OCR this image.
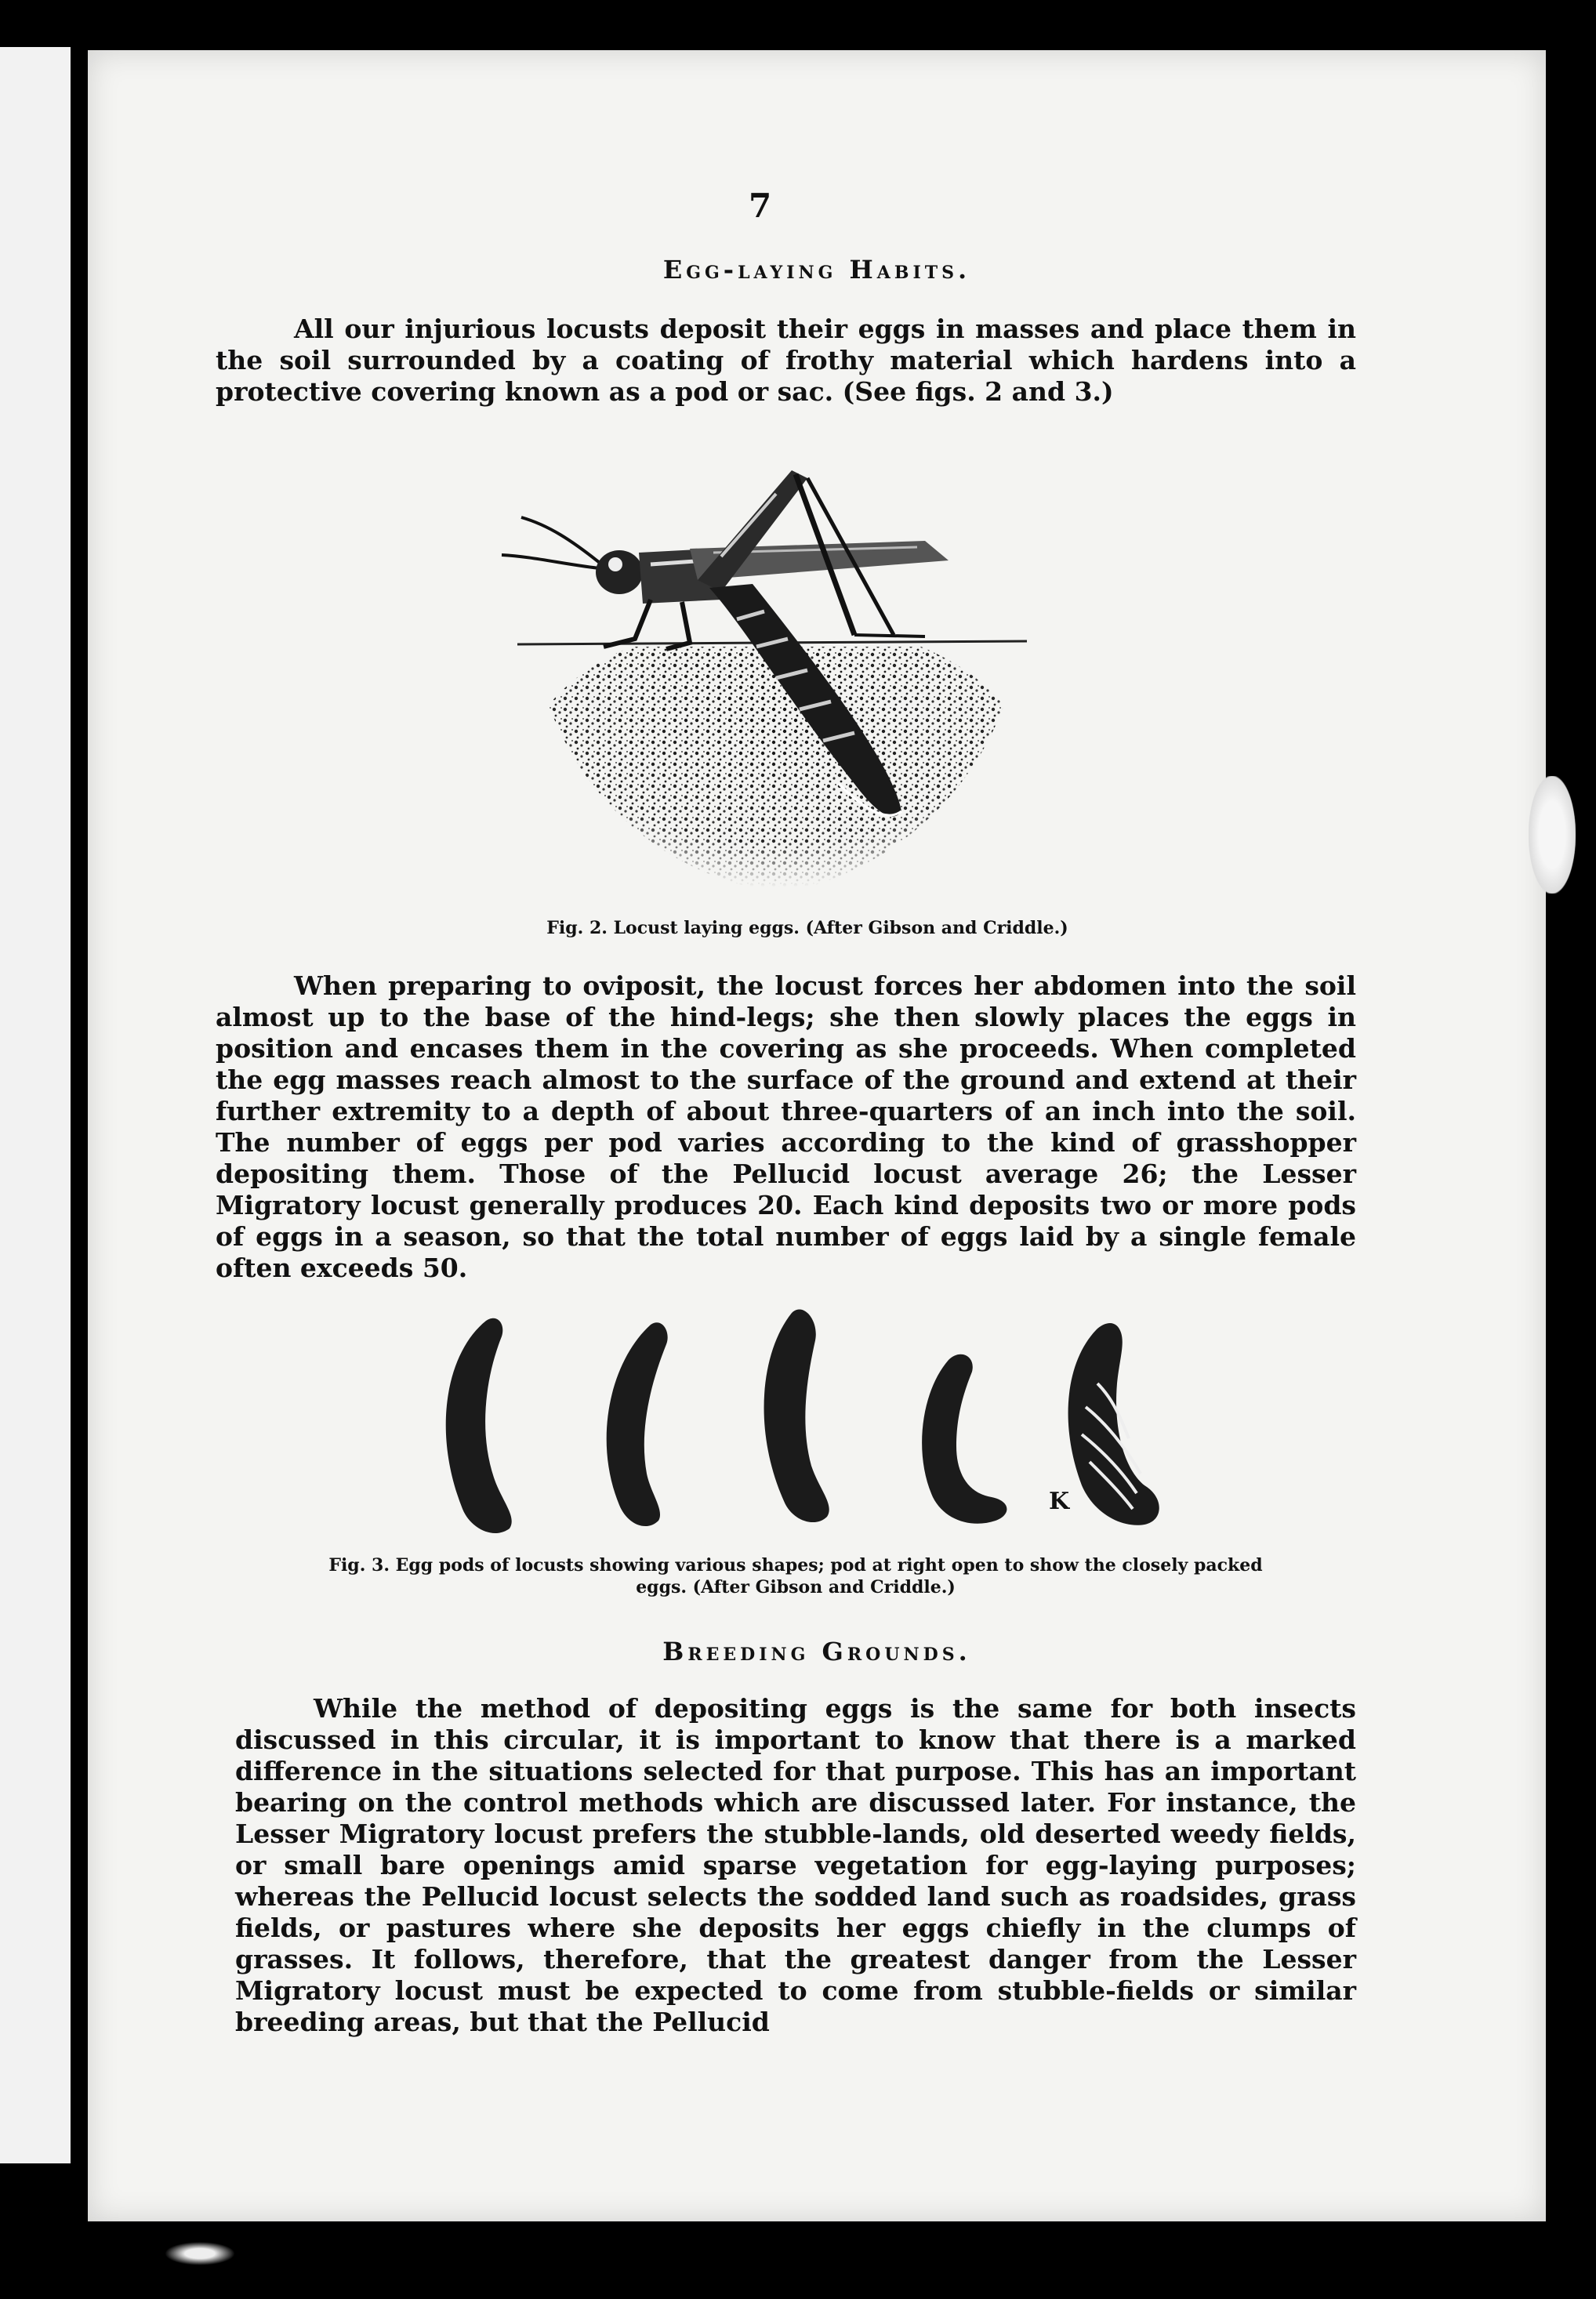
7
Egg-laying Habits.
All our injurious locusts deposit their eggs in masses and place them in the soil surrounded by a coating of frothy material which hardens into a protective covering known as a pod or sac. (See figs. 2 and 3.)
Fig. 2. Locust laying eggs. (After Gibson and Criddle.)
When preparing to oviposit, the locust forces her abdomen into the soil almost up to the base of the hind-legs; she then slowly places the eggs in position and encases them in the covering as she proceeds. When completed the egg masses reach almost to the surface of the ground and extend at their further extremity to a depth of about three-quarters of an inch into the soil. The number of eggs per pod varies according to the kind of grasshopper depositing them. Those of the Pellucid locust average 26; the Lesser Migratory locust generally produces 20. Each kind deposits two or more pods of eggs in a season, so that the total number of eggs laid by a single female often exceeds 50.
K
Fig. 3. Egg pods of locusts showing various shapes; pod at right open to show the closely packed eggs. (After Gibson and Criddle.)
Breeding Grounds.
While the method of depositing eggs is the same for both insects discussed in this circular, it is important to know that there is a marked difference in the situations selected for that purpose. This has an important bearing on the control methods which are discussed later. For instance, the Lesser Migratory locust prefers the stubble-lands, old deserted weedy fields, or small bare openings amid sparse vegetation for egg-laying purposes; whereas the Pellucid locust selects the sodded land such as roadsides, grass fields, or pastures where she deposits her eggs chiefly in the clumps of grasses. It follows, therefore, that the greatest danger from the Lesser Migratory locust must be expected to come from stubble-fields or similar breeding areas, but that the Pellucid
